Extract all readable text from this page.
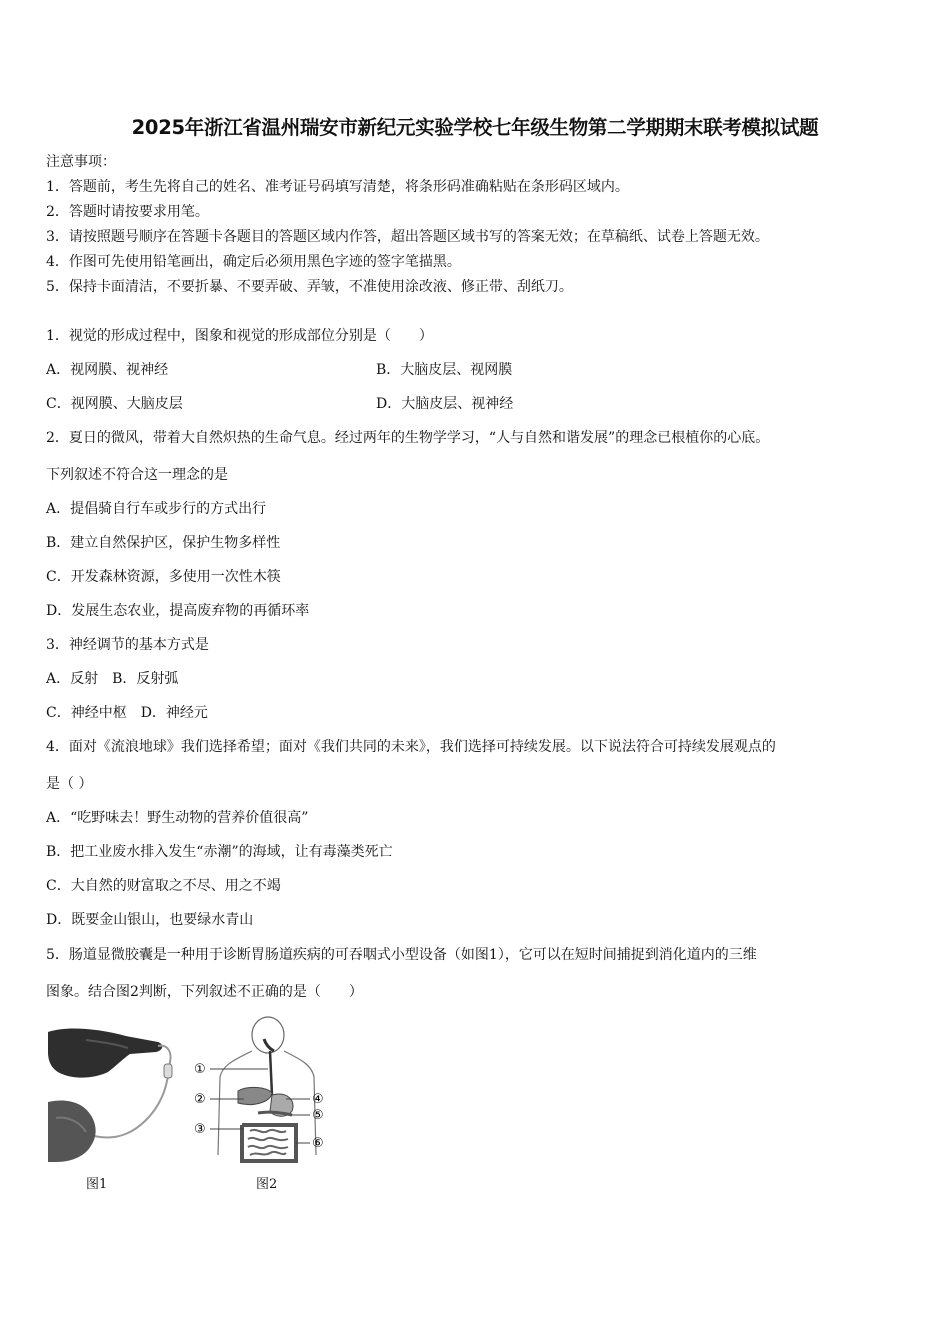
2025年浙江省温州瑞安市新纪元实验学校七年级生物第二学期期末联考模拟试题
注意事项：
1．答题前，考生先将自己的姓名、准考证号码填写清楚，将条形码准确粘贴在条形码区域内。
2．答题时请按要求用笔。
3．请按照题号顺序在答题卡各题目的答题区域内作答，超出答题区域书写的答案无效；在草稿纸、试卷上答题无效。
4．作图可先使用铅笔画出，确定后必须用黑色字迹的签字笔描黑。
5．保持卡面清洁，不要折暴、不要弄破、弄皱，不准使用涂改液、修正带、刮纸刀。
1．视觉的形成过程中，图象和视觉的形成部位分别是（　　）
A．视网膜、视神经	B．大脑皮层、视网膜
C．视网膜、大脑皮层	D．大脑皮层、视神经
2．夏日的微风，带着大自然炽热的生命气息。经过两年的生物学学习，“人与自然和谐发展”的理念已根植你的心底。
下列叙述不符合这一理念的是
A．提倡骑自行车或步行的方式出行
B．建立自然保护区，保护生物多样性
C．开发森林资源，多使用一次性木筷
D．发展生态农业，提高废弃物的再循环率
3．神经调节的基本方式是
A．反射　B．反射弧
C．神经中枢　D．神经元
4．面对《流浪地球》我们选择希望；面对《我们共同的未来》，我们选择可持续发展。以下说法符合可持续发展观点的
是（ ）
A．“吃野味去！野生动物的营养价值很高”
B．把工业废水排入发生“赤潮”的海域，让有毒藻类死亡
C．大自然的财富取之不尽、用之不竭
D．既要金山银山，也要绿水青山
5．肠道显微胶囊是一种用于诊断胃肠道疾病的可吞咽式小型设备（如图1），它可以在短时间捕捉到消化道内的三维
图象。结合图2判断，下列叙述不正确的是（　　）
图1
①
②
③
④
⑤
⑥
图2
